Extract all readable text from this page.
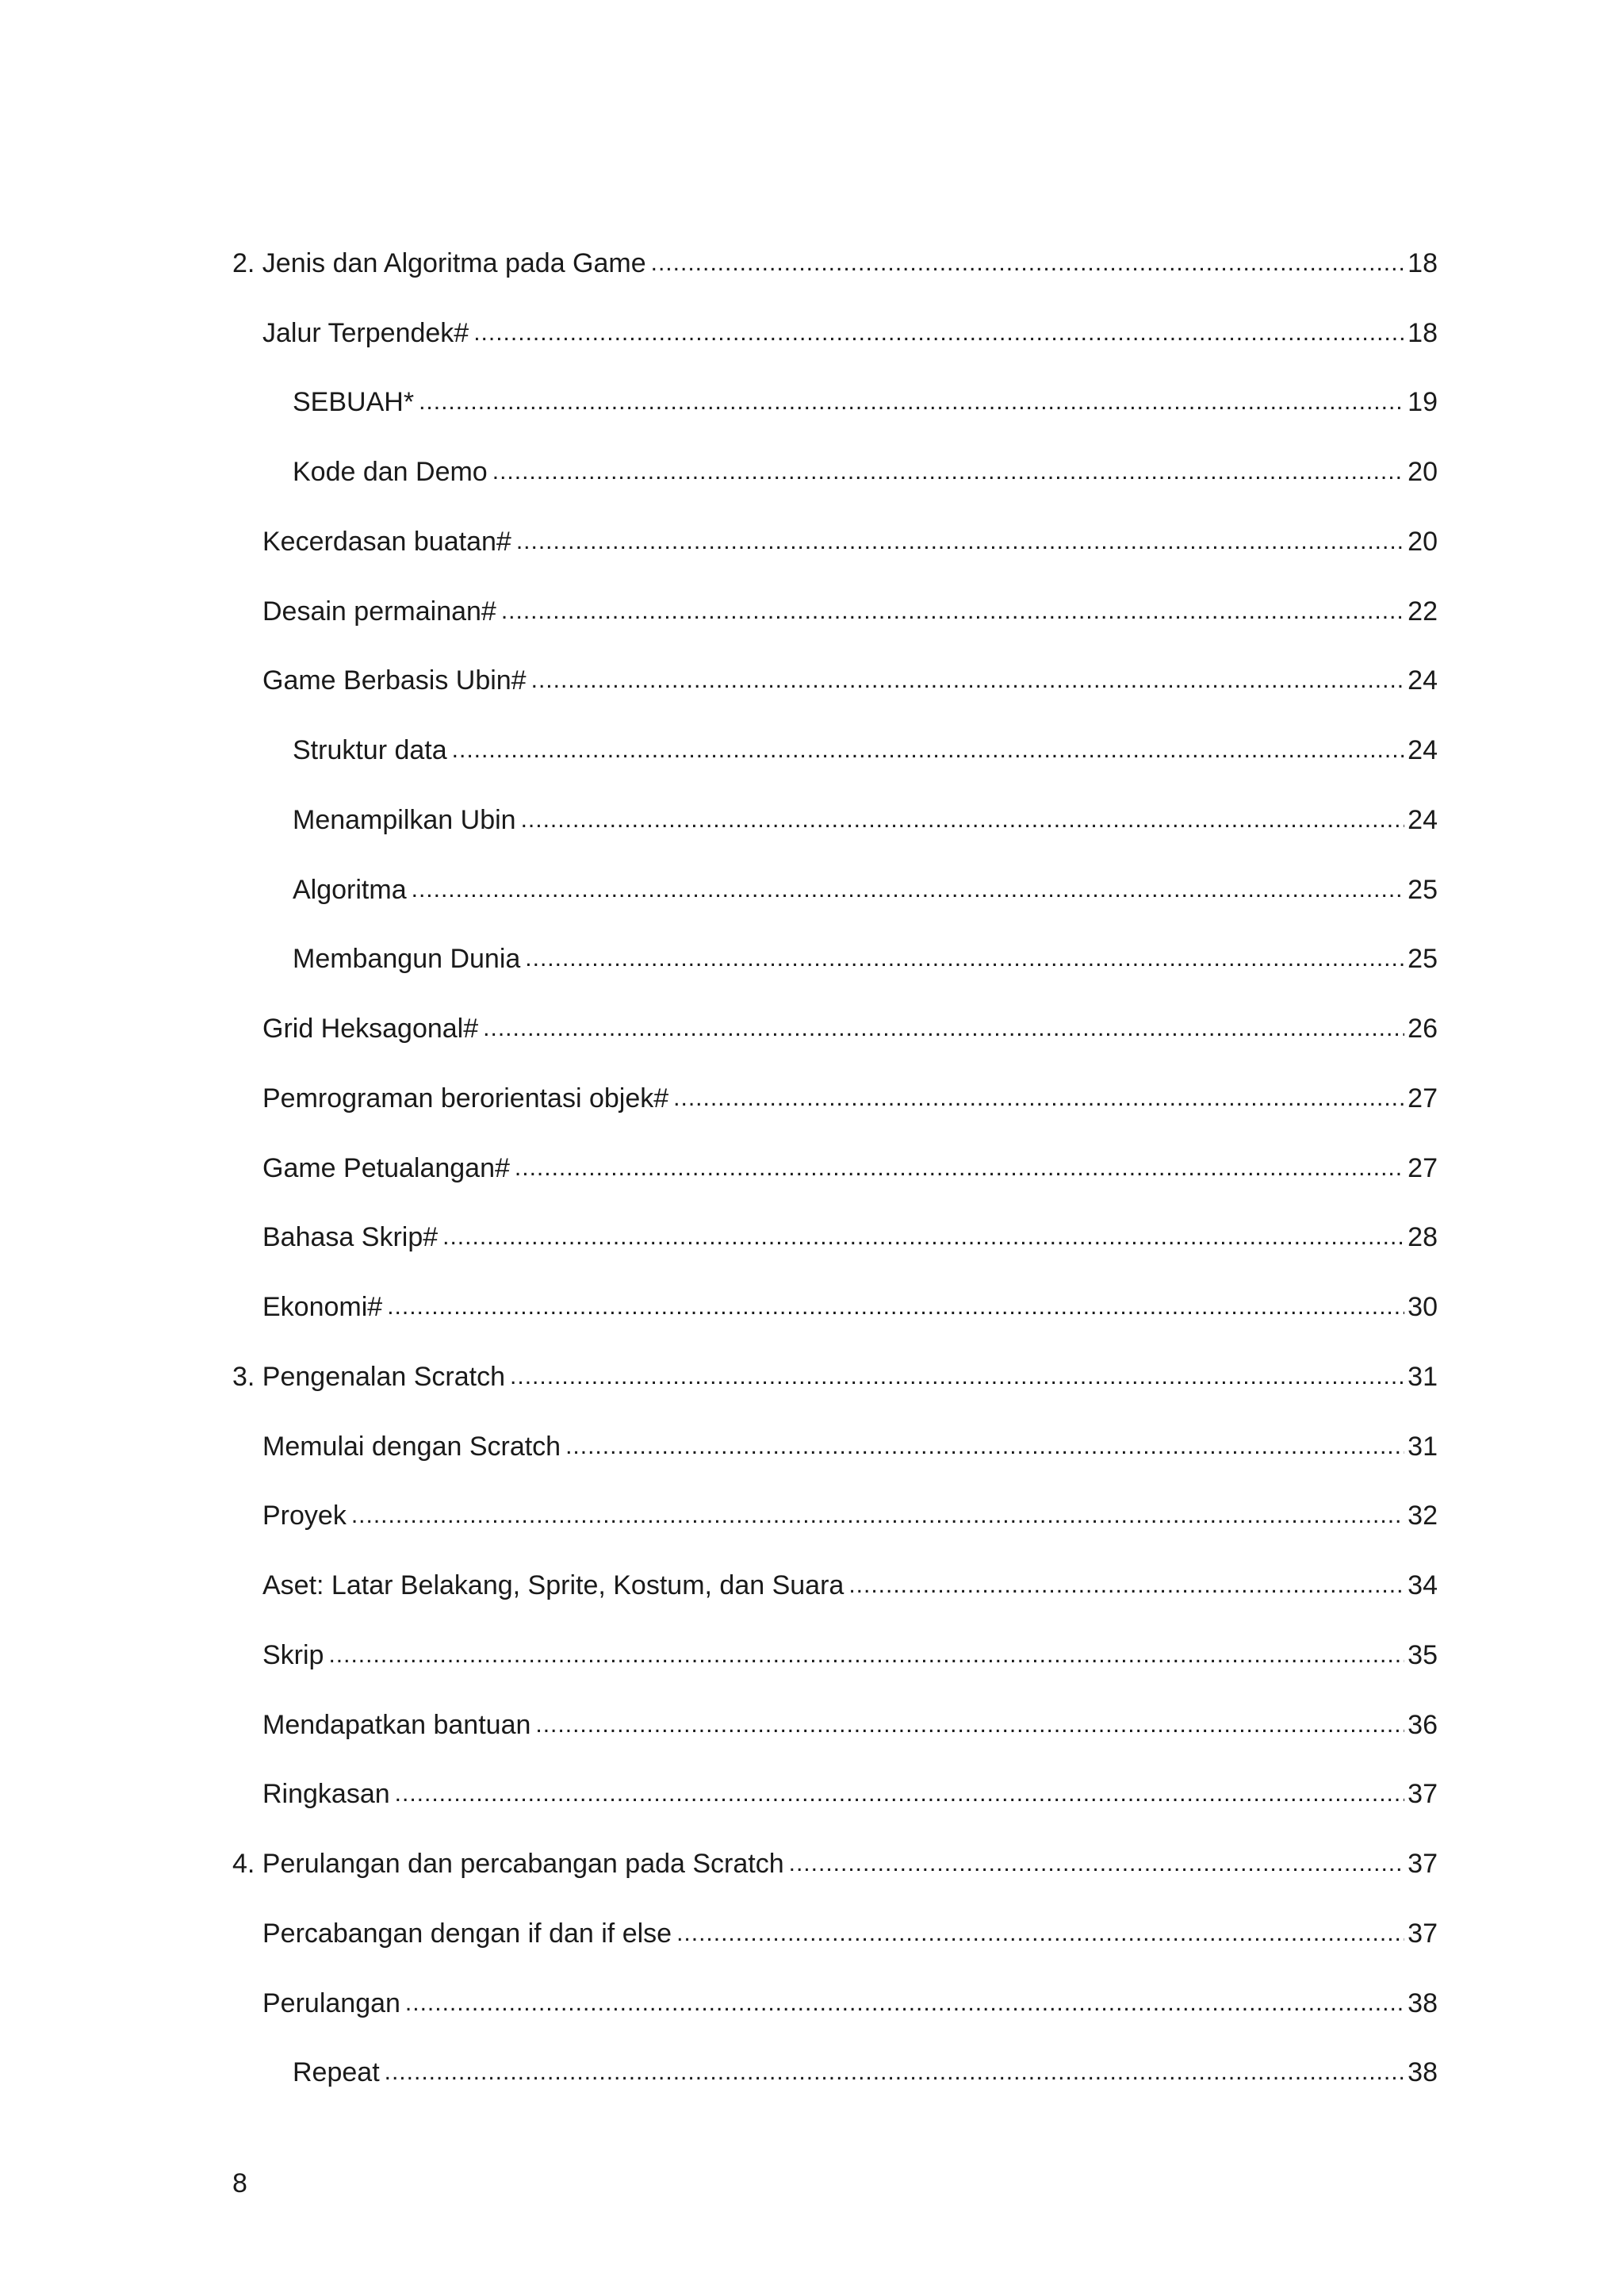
2. Jenis dan Algoritma pada Game .....	18
Jalur Terpendek# .....	18
SEBUAH* .....	19
Kode dan Demo .....	20
Kecerdasan buatan# .....	20
Desain permainan# .....	22
Game Berbasis Ubin# .....	24
Struktur data .....	24
Menampilkan Ubin .....	24
Algoritma .....	25
Membangun Dunia .....	25
Grid Heksagonal# .....	26
Pemrograman berorientasi objek# .....	27
Game Petualangan# .....	27
Bahasa Skrip# .....	28
Ekonomi# .....	30
3. Pengenalan Scratch .....	31
Memulai dengan Scratch .....	31
Proyek .....	32
Aset: Latar Belakang, Sprite, Kostum, dan Suara .....	34
Skrip .....	35
Mendapatkan bantuan .....	36
Ringkasan .....	37
4. Perulangan dan percabangan pada Scratch .....	37
Percabangan dengan if dan if else .....	37
Perulangan .....	38
Repeat .....	38
8
